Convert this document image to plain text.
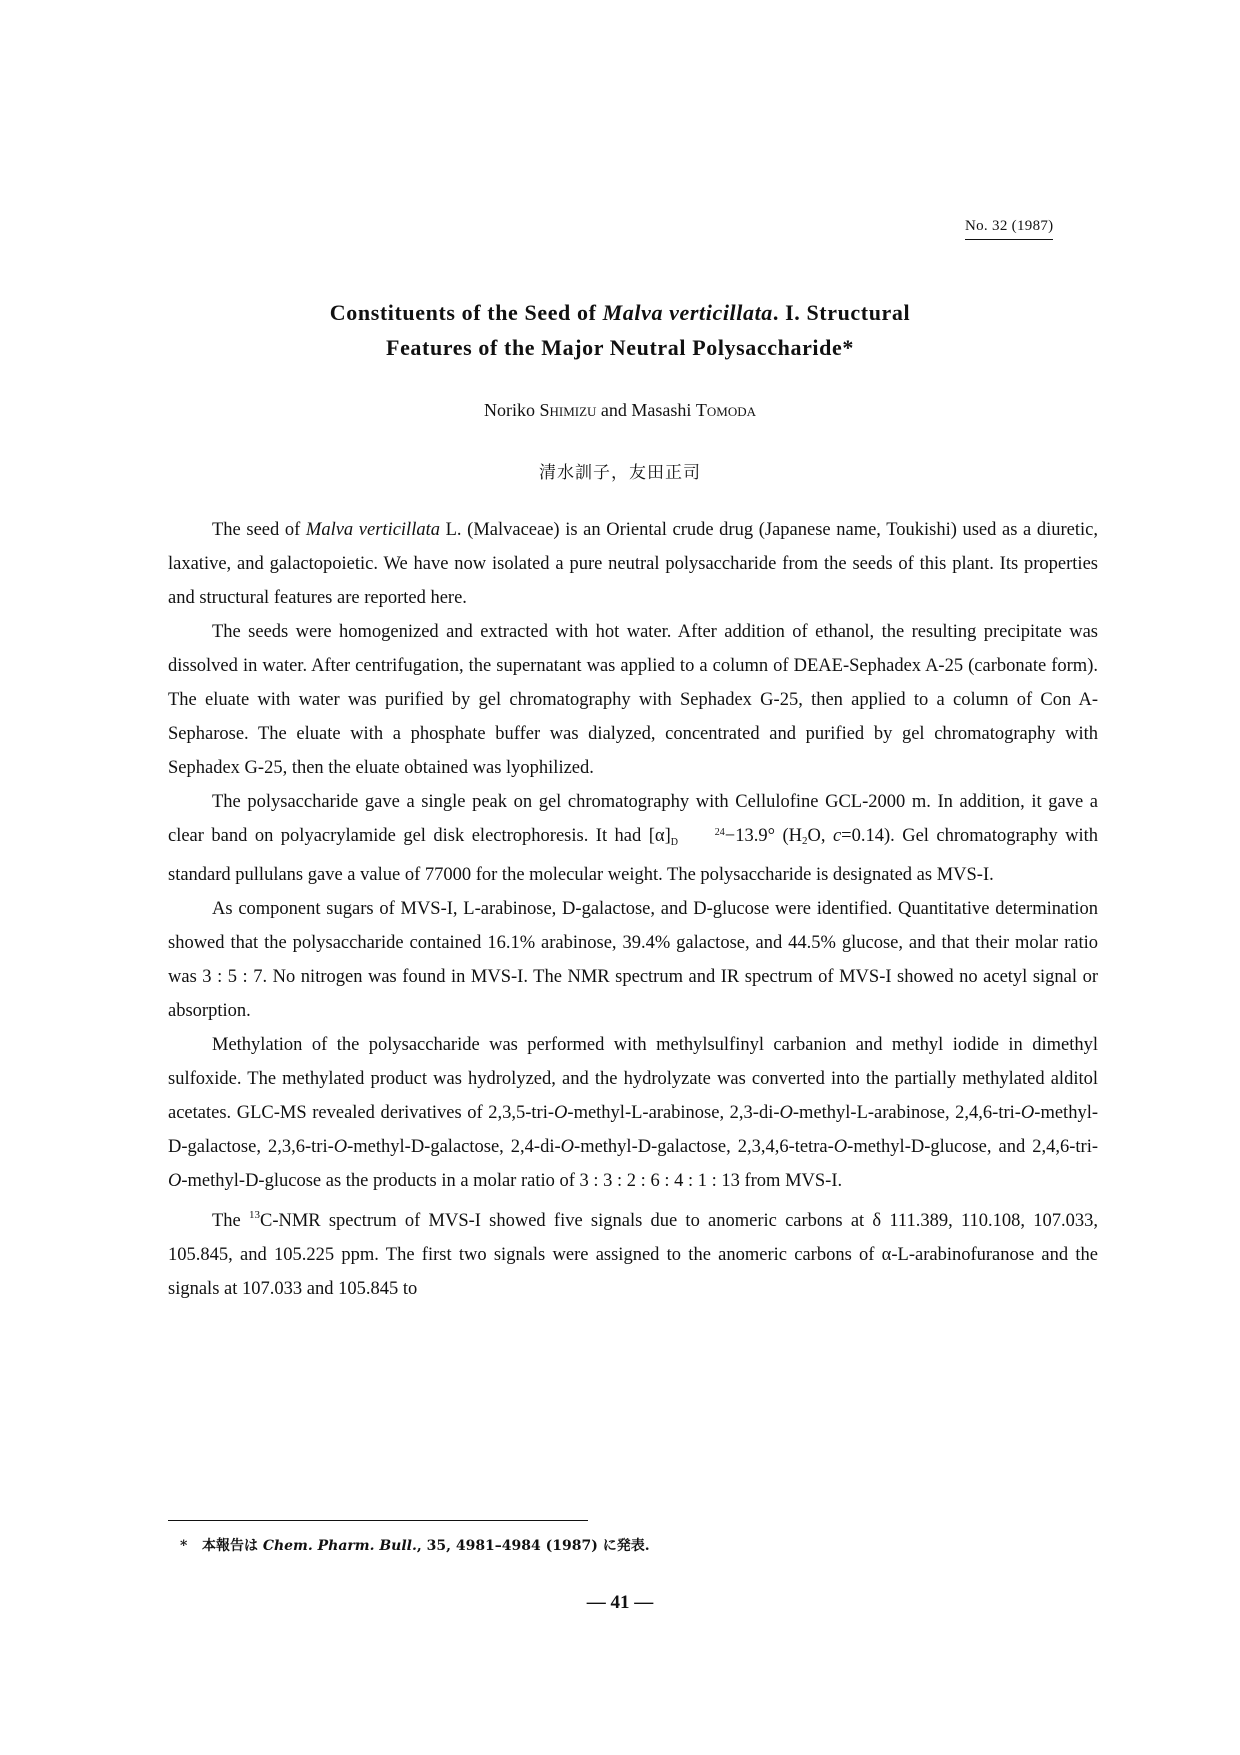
No. 32 (1987)
Constituents of the Seed of Malva verticillata. I. Structural
Features of the Major Neutral Polysaccharide*
Noriko Shimizu and Masashi Tomoda
清水訓子，友田正司

The seed of Malva verticillata L. (Malvaceae) is an Oriental crude drug (Japanese name, Toukishi) used as a diuretic, laxative, and galactopoietic. We have now isolated a pure neutral polysaccharide from the seeds of this plant. Its properties and structural features are reported here.

The seeds were homogenized and extracted with hot water. After addition of ethanol, the resulting precipitate was dissolved in water. After centrifugation, the supernatant was applied to a column of DEAE-Sephadex A-25 (carbonate form). The eluate with water was purified by gel chromatography with Sephadex G-25, then applied to a column of Con A-Sepharose. The eluate with a phosphate buffer was dialyzed, concentrated and purified by gel chromatography with Sephadex G-25, then the eluate obtained was lyophilized.

The polysaccharide gave a single peak on gel chromatography with Cellulofine GCL-2000 m. In addition, it gave a clear band on polyacrylamide gel disk electrophoresis. It had [α]	24
D	−13.9° ($H_2O$, c=0.14). Gel chromatography with standard pullulans gave a value of 77000 for the molecular weight. The polysaccharide is designated as MVS-I.

As component sugars of MVS-I, L-arabinose, D-galactose, and D-glucose were identified. Quantitative determination showed that the polysaccharide contained 16.1% arabinose, 39.4% galactose, and 44.5% glucose, and that their molar ratio was 3 : 5 : 7. No nitrogen was found in MVS-I. The NMR spectrum and IR spectrum of MVS-I showed no acetyl signal or absorption.

Methylation of the polysaccharide was performed with methylsulfinyl carbanion and methyl iodide in dimethyl sulfoxide. The methylated product was hydrolyzed, and the hydrolyzate was converted into the partially methylated alditol acetates. GLC-MS revealed derivatives of 2,3,5-tri-O-methyl-L-arabinose, 2,3-di-O-methyl-L-arabinose, 2,4,6-tri-O-methyl-D-galactose, 2,3,6-tri-O-methyl-D-galactose, 2,4-di-O-methyl-D-galactose, 2,3,4,6-tetra-O-methyl-D-glucose, and 2,4,6-tri-O-methyl-D-glucose as the products in a molar ratio of 3 : 3 : 2 : 6 : 4 : 1 : 13 from MVS-I.

The $^{13}$C-NMR spectrum of MVS-I showed five signals due to anomeric carbons at δ 111.389, 110.108, 107.033, 105.845, and 105.225 ppm. The first two signals were assigned to the anomeric carbons of α-L-arabinofuranose and the signals at 107.033 and 105.845 to

* 本報告は Chem. Pharm. Bull., 35, 4981–4984 (1987) に発表.
— 41 —
